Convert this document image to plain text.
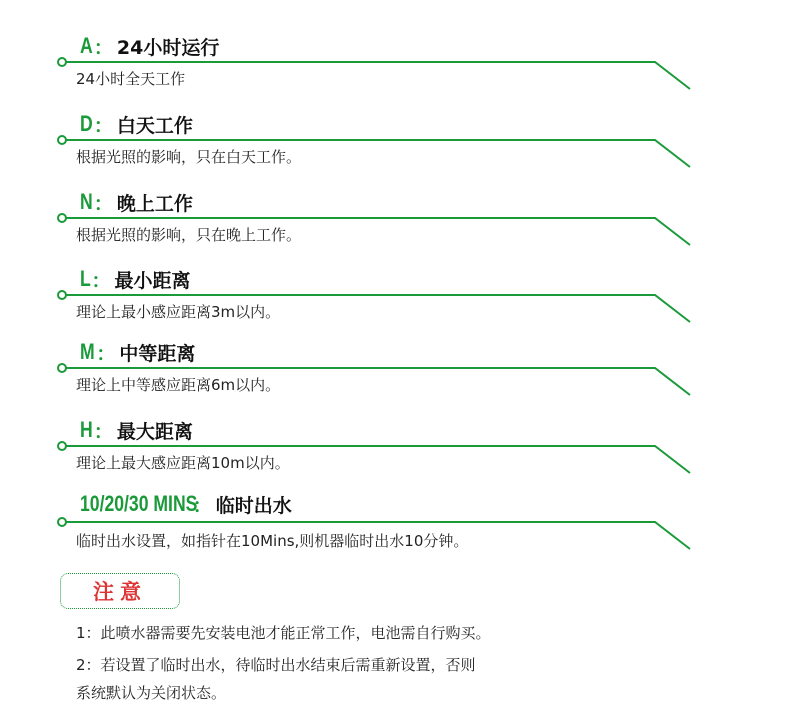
A ： 24小时运行
24小时全天工作
D ： 白天工作
根据光照的影响，只在白天工作。
N ： 晚上工作
根据光照的影响，只在晚上工作。
L ： 最小距离
理论上最小感应距离3m以内。
M ： 中等距离
理论上中等感应距离6m以内。
H ： 最大距离
理论上最大感应距离10m以内。
10/20/30 MINS
： 临时出水
临时出水设置，如指针在10Mins,则机器临时出水10分钟。
注意
1：此喷水器需要先安装电池才能正常工作，电池需自行购买。
2：若设置了临时出水，待临时出水结束后需重新设置，否则
系统默认为关闭状态。
